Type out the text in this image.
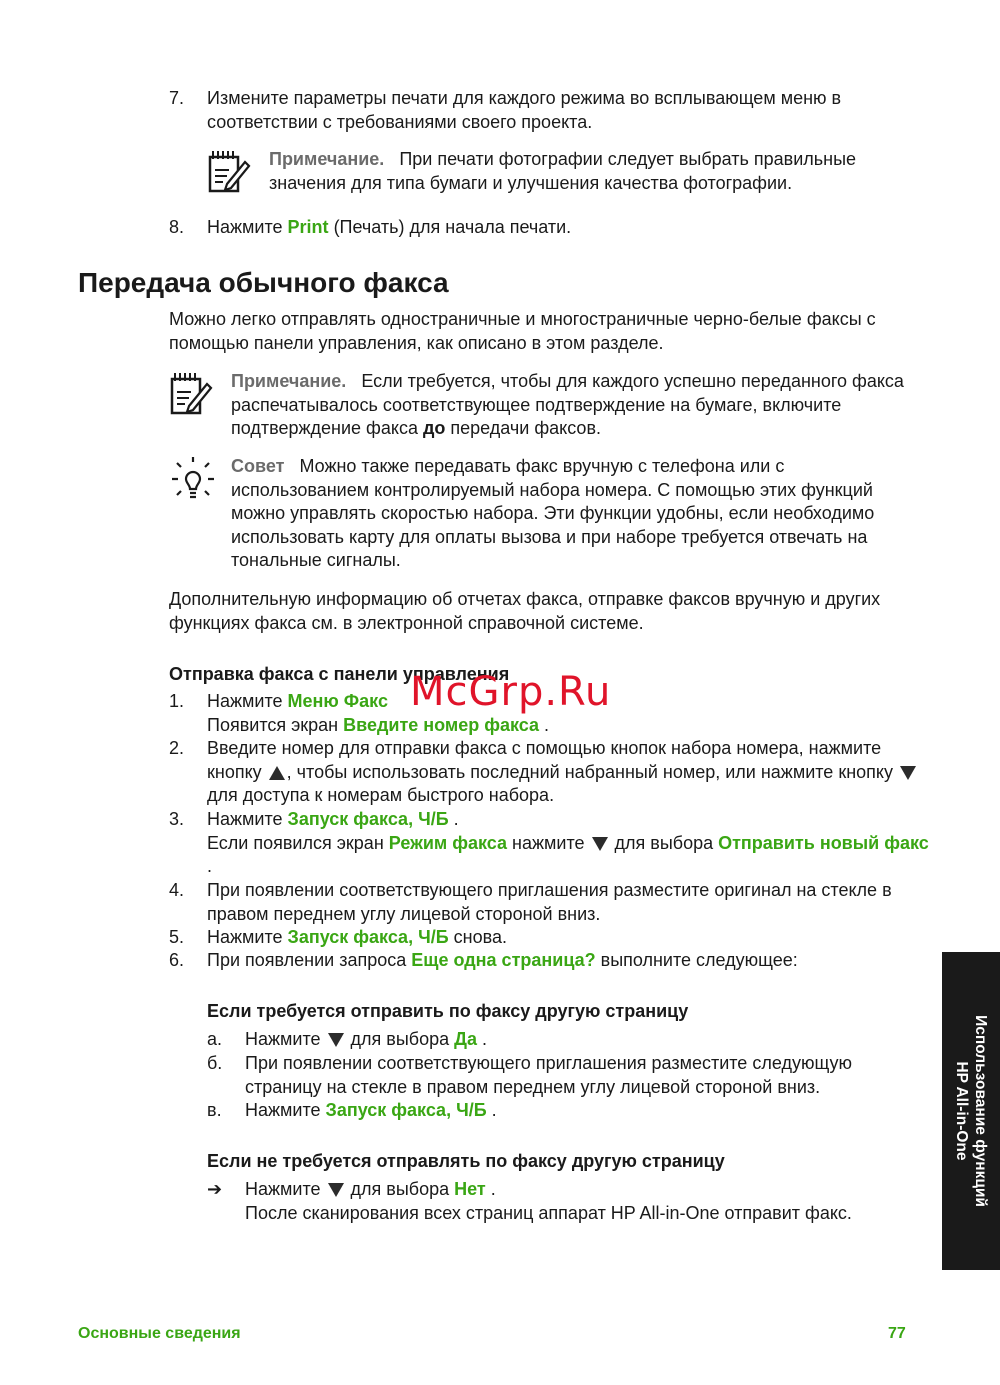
7.	Измените параметры печати для каждого режима во всплывающем меню в соответствии с требованиями своего проекта.
Примечание. При печати фотографии следует выбрать правильные значения для типа бумаги и улучшения качества фотографии.
8.	Нажмите Print (Печать) для начала печати.
Передача обычного факса
Можно легко отправлять одностраничные и многостраничные черно-белые факсы с помощью панели управления, как описано в этом разделе.
Примечание. Если требуется, чтобы для каждого успешно переданного факса распечатывалось соответствующее подтверждение на бумаге, включите подтверждение факса до передачи факсов.
Совет Можно также передавать факс вручную с телефона или с использованием контролируемый набора номера. С помощью этих функций можно управлять скоростью набора. Эти функции удобны, если необходимо использовать карту для оплаты вызова и при наборе требуется отвечать на тональные сигналы.
Дополнительную информацию об отчетах факса, отправке факсов вручную и других функциях факса см. в электронной справочной системе.
Отправка факса с панели управления
McGrp.Ru
1.	Нажмите Меню Факс
Появится экран Введите номер факса .
2.	Введите номер для отправки факса с помощью кнопок набора номера, нажмите кнопку , чтобы использовать последний набранный номер, или нажмите кнопку  для доступа к номерам быстрого набора.
3.	Нажмите Запуск факса, Ч/Б .
Если появился экран Режим факса нажмите  для выбора Отправить новый факс .
4.	При появлении соответствующего приглашения разместите оригинал на стекле в правом переднем углу лицевой стороной вниз.
5.	Нажмите Запуск факса, Ч/Б снова.
6.	При появлении запроса Еще одна страница? выполните следующее:
Если требуется отправить по факсу другую страницу
а.	Нажмите  для выбора Да .
б.	При появлении соответствующего приглашения разместите следующую страницу на стекле в правом переднем углу лицевой стороной вниз.
в.	Нажмите Запуск факса, Ч/Б .
Если не требуется отправлять по факсу другую страницу
➔	Нажмите  для выбора Нет .
После сканирования всех страниц аппарат HP All-in-One отправит факс.
Использование функций
HP All-in-One
Основные сведения	77
